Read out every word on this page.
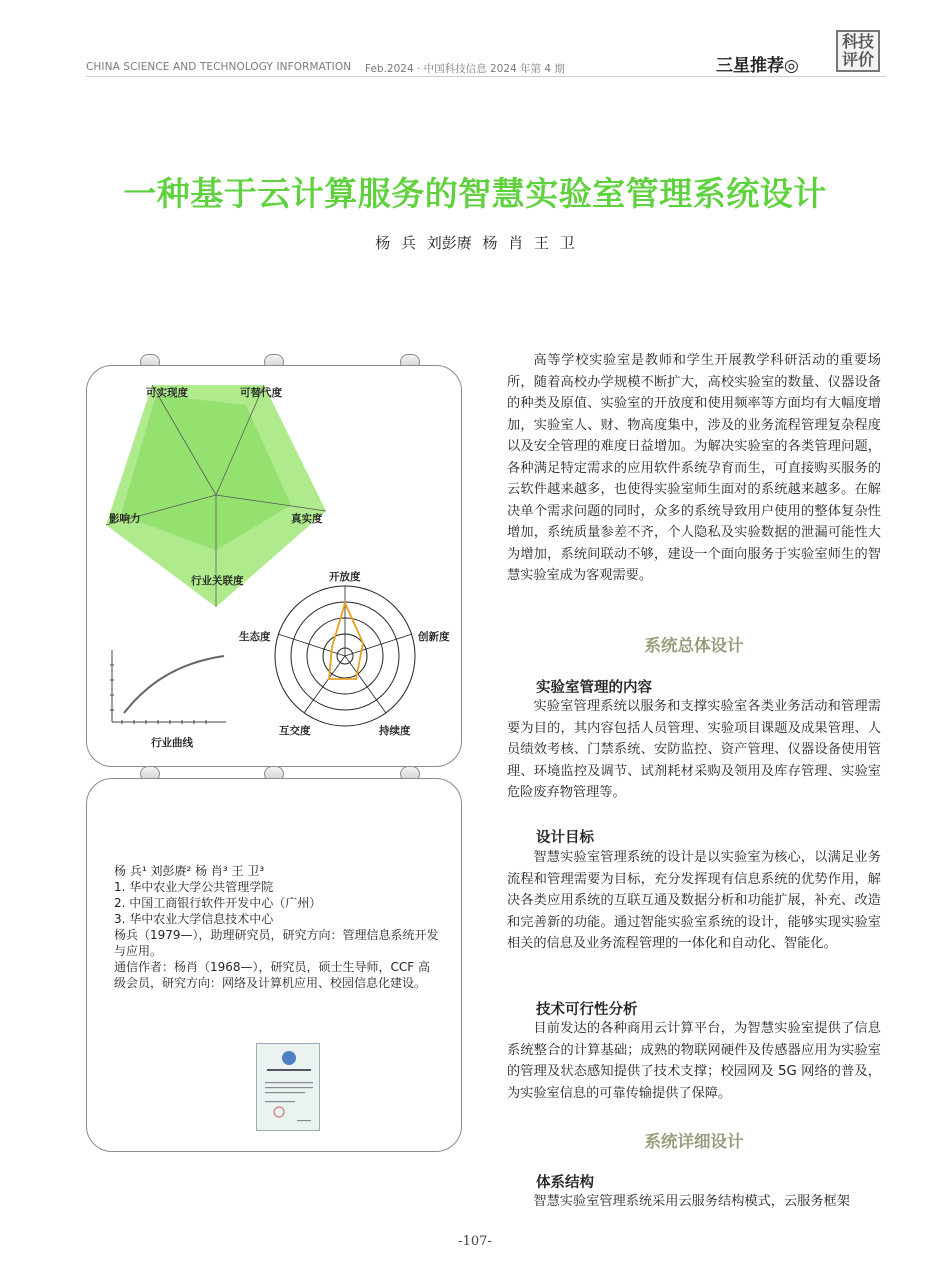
CHINA SCIENCE AND TECHNOLOGY INFORMATION Feb.2024 · 中国科技信息 2024 年第 4 期	三星推荐◎
科技
评价
一种基于云计算服务的智慧实验室管理系统设计
杨 兵 刘彭赓 杨 肖 王 卫
可实现度	可替代度
真实度
行业关联度
影响力
开放度
创新度
持续度
互交度
生态度
行业曲线
杨 兵¹ 刘彭赓² 杨 肖³ 王 卫³
1. 华中农业大学公共管理学院
2. 中国工商银行软件开发中心（广州）
3. 华中农业大学信息技术中心
杨兵（1979—），助理研究员，研究方向：管理信息系统开发与应用。
通信作者：杨肖（1968—），研究员，硕士生导师，CCF 高级会员，研究方向：网络及计算机应用、校园信息化建设。

高等学校实验室是教师和学生开展教学科研活动的重要场所，随着高校办学规模不断扩大，高校实验室的数量、仪器设备的种类及原值、实验室的开放度和使用频率等方面均有大幅度增加，实验室人、财、物高度集中，涉及的业务流程管理复杂程度以及安全管理的难度日益增加。为解决实验室的各类管理问题，各种满足特定需求的应用软件系统孕育而生，可直接购买服务的云软件越来越多，也使得实验室师生面对的系统越来越多。在解决单个需求问题的同时，众多的系统导致用户使用的整体复杂性增加，系统质量参差不齐，个人隐私及实验数据的泄漏可能性大为增加，系统间联动不够，建设一个面向服务于实验室师生的智慧实验室成为客观需要。

系统总体设计
实验室管理的内容

实验室管理系统以服务和支撑实验室各类业务活动和管理需要为目的，其内容包括人员管理、实验项目课题及成果管理、人员绩效考核、门禁系统、安防监控、资产管理、仪器设备使用管理、环境监控及调节、试剂耗材采购及领用及库存管理、实验室危险废弃物管理等。

设计目标

智慧实验室管理系统的设计是以实验室为核心，以满足业务流程和管理需要为目标，充分发挥现有信息系统的优势作用，解决各类应用系统的互联互通及数据分析和功能扩展，补充、改造和完善新的功能。通过智能实验室系统的设计，能够实现实验室相关的信息及业务流程管理的一体化和自动化、智能化。

技术可行性分析

目前发达的各种商用云计算平台，为智慧实验室提供了信息系统整合的计算基础；成熟的物联网硬件及传感器应用为实验室的管理及状态感知提供了技术支撑；校园网及 5G 网络的普及，为实验室信息的可靠传输提供了保障。

系统详细设计
体系结构

智慧实验室管理系统采用云服务结构模式，云服务框架

-107-
